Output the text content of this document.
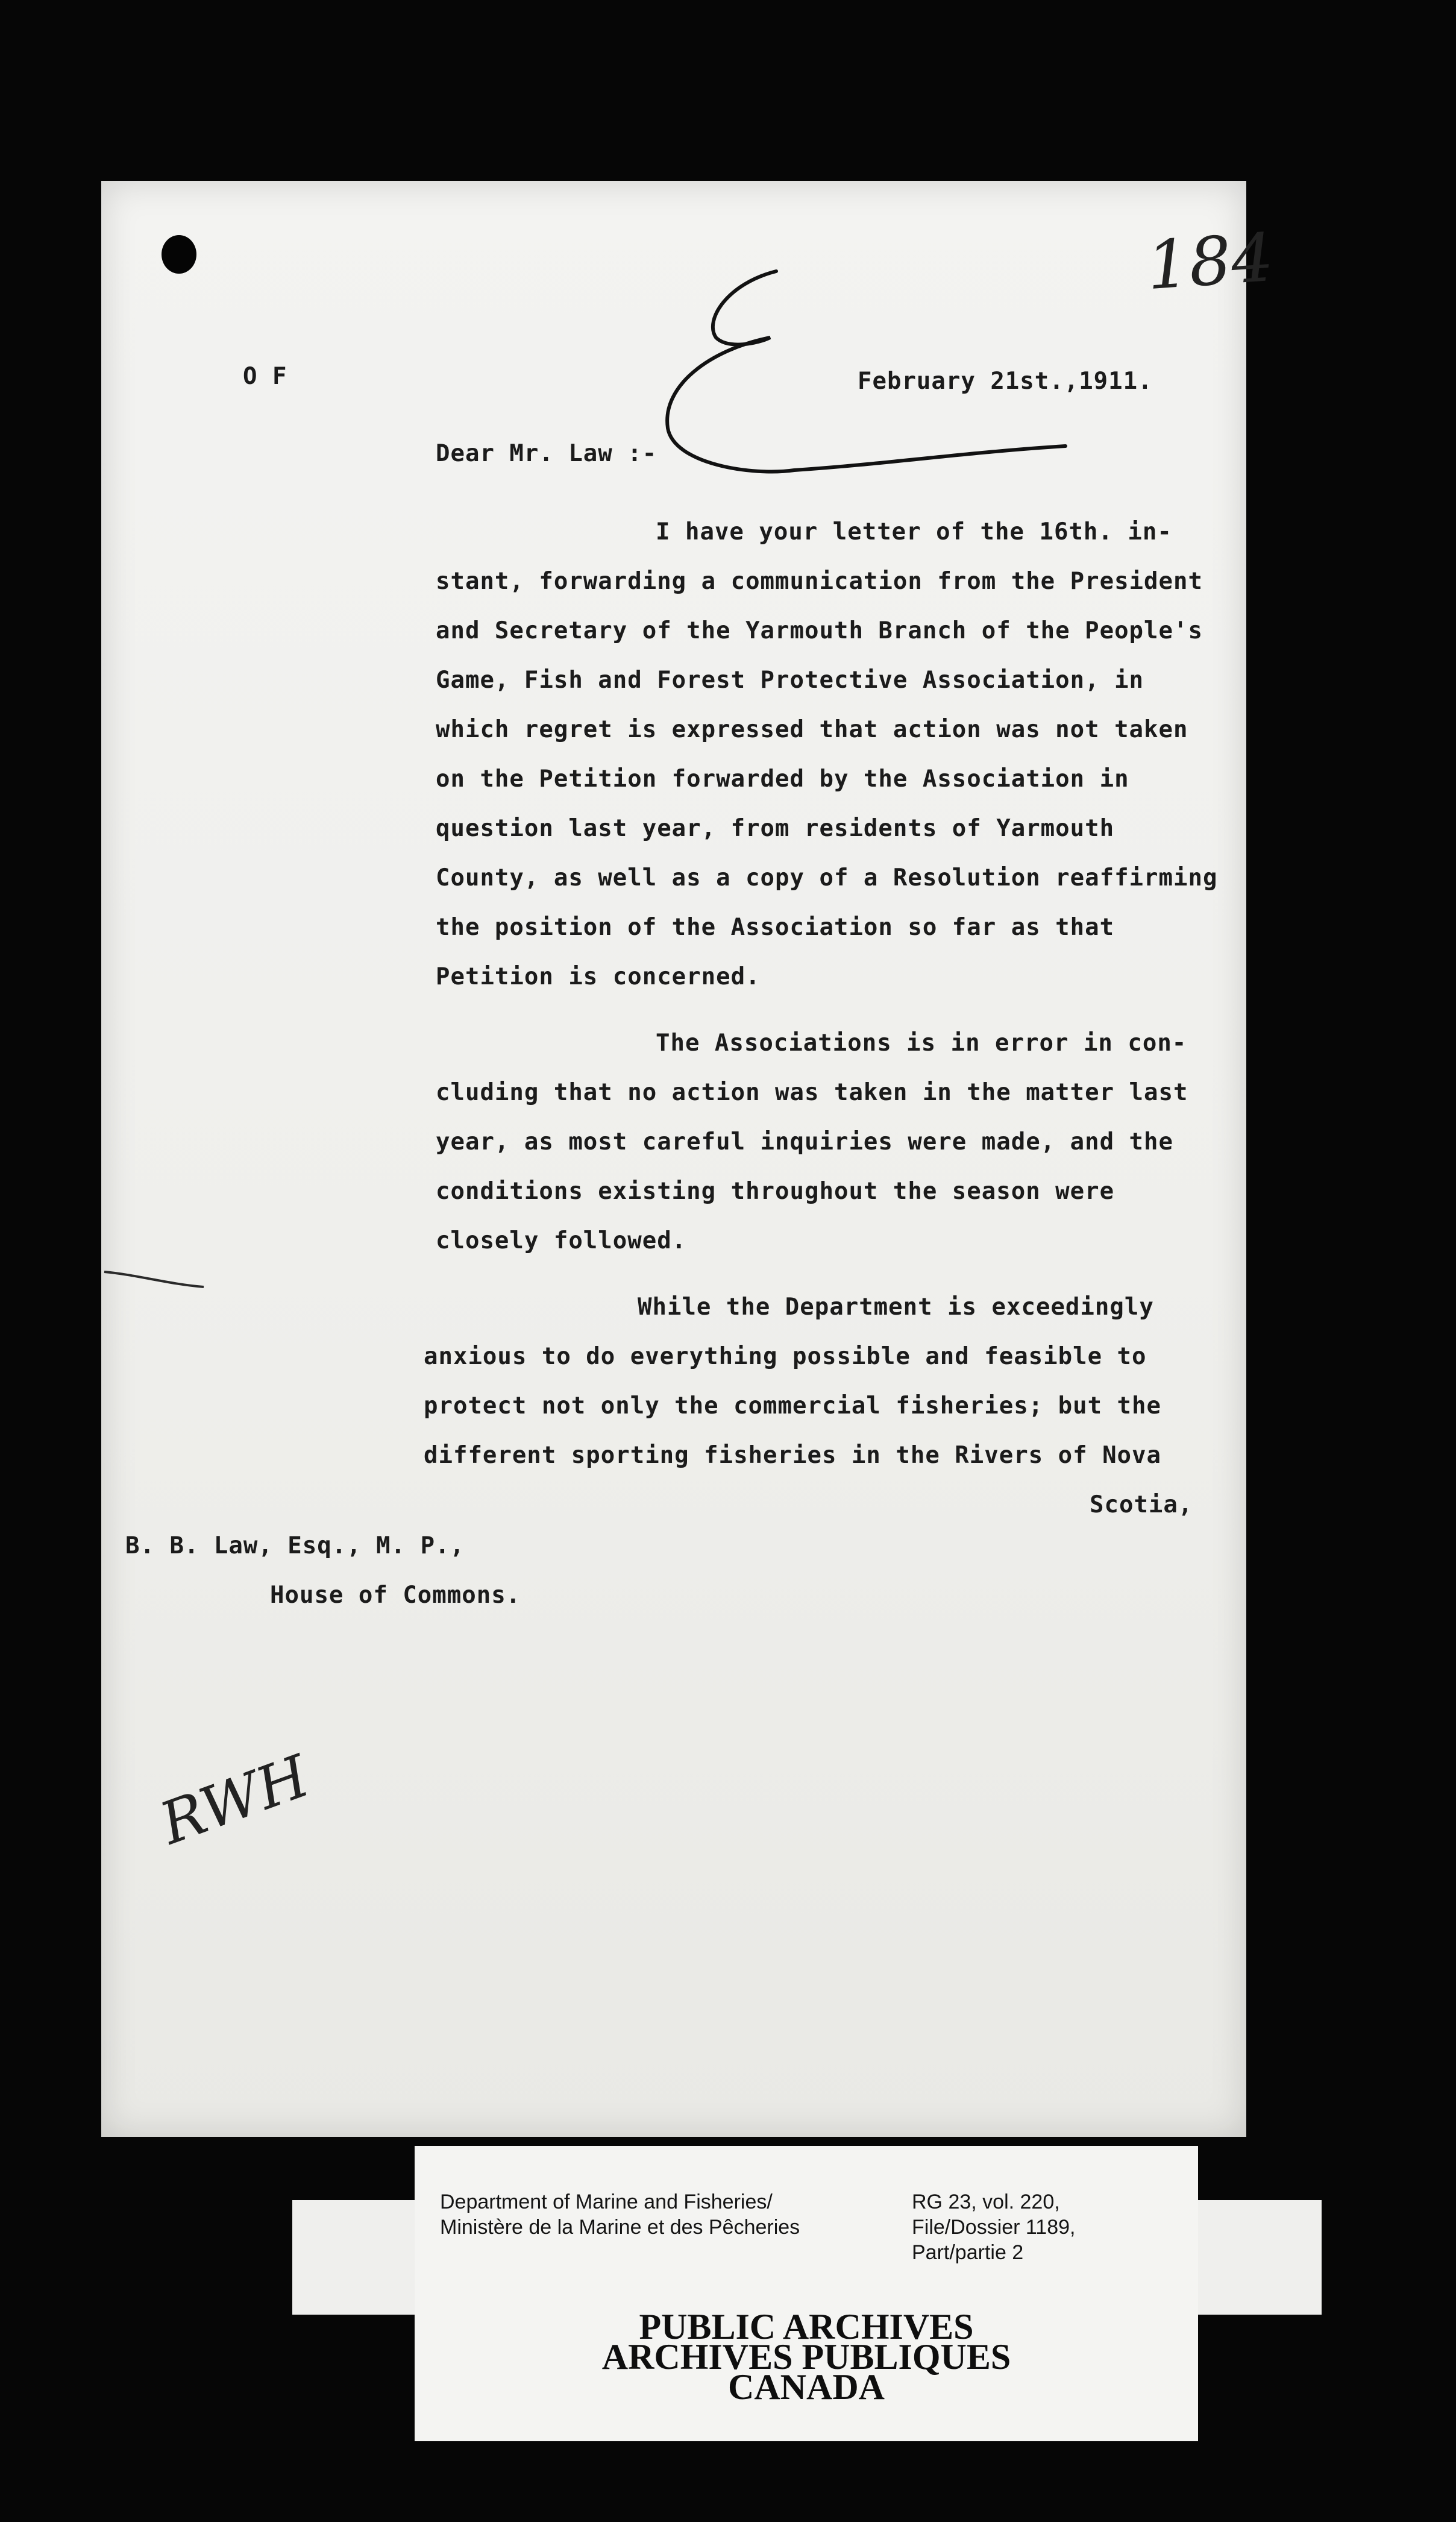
184
O F	February 21st.,1911.
Dear Mr. Law :-
I have your letter of the 16th. in-
stant, forwarding a communication from the President
and Secretary of the Yarmouth Branch of the People's
Game, Fish and Forest Protective Association, in
which regret is expressed that action was not taken
on the Petition forwarded by the Association in
question last year, from residents of Yarmouth
County, as well as a copy of a Resolution reaffirming
the position of the Association so far as that
Petition is concerned.
The Associations is in error in con-
cluding that no action was taken in the matter last
year, as most careful inquiries were made, and the
conditions existing throughout the season were
closely followed.
While the Department is exceedingly
anxious to do everything possible and feasible to
protect not only the commercial fisheries; but the
different sporting fisheries in the Rivers of Nova
Scotia,
B. B. Law, Esq., M. P.,
House of Commons.
RWH
Department of Marine and Fisheries/
Ministère de la Marine et des Pêcheries
RG 23, vol. 220,
File/Dossier 1189,
Part/partie 2
PUBLIC ARCHIVES
ARCHIVES PUBLIQUES
CANADA
